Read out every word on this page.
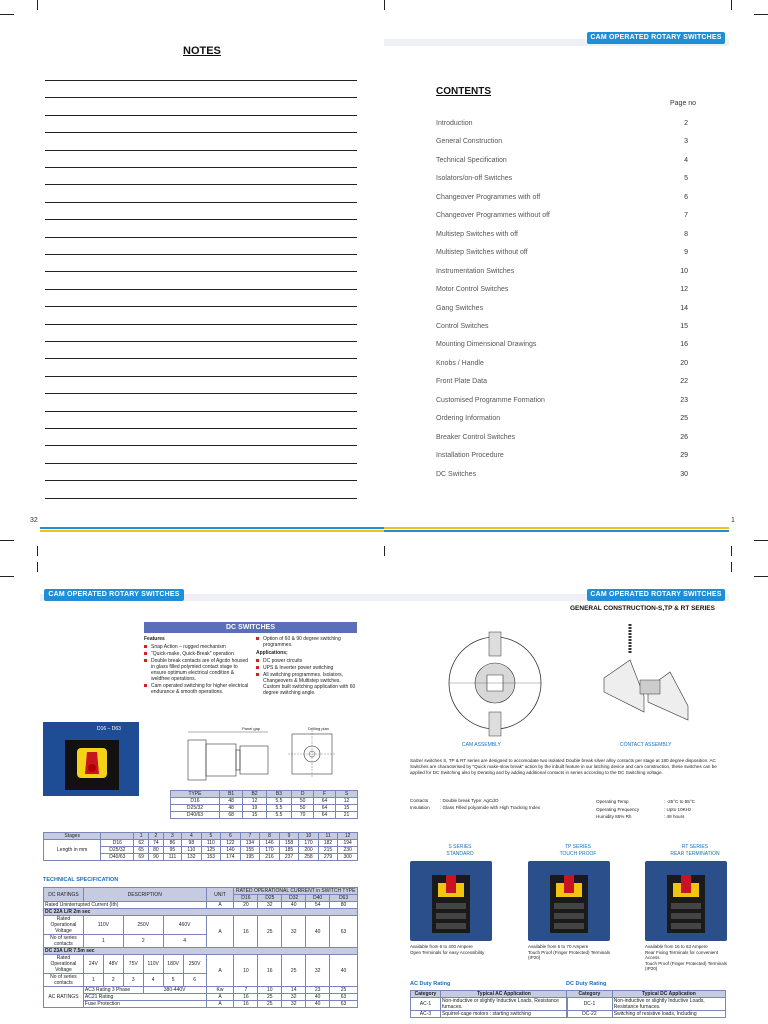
NOTES
CAM OPERATED ROTARY SWITCHES
CONTENTS
Page no
Introduction	2
General Construction	3
Technical Specification	4
Isolators/on-off Switches	5
Changeover Programmes with off	6
Changeover Programmes without off	7
Multistep Switches with off	8
Multistep Switches without off	9
Instrumentation Switches	10
Motor Control Switches	12
Gang Switches	14
Control Switches	15
Mounting Dimensional Drawings	16
Knobs / Handle	20
Front Plate Data	22
Customised Programme Formation	23
Ordering Information	25
Breaker Control Switches	26
Installation Procedure	29
DC Switches	30
32	1
CAM OPERATED ROTARY SWITCHES	CAM OPERATED ROTARY SWITCHES
DC SWITCHES
Features
Snap Action – rugged mechanism
"Quick-make, Quick-Break" operation
Double break contacts are of Agcdo housed in glass filled polymied contact stage to ensure optimum electrical condition & weldfree operations.
Cam operated switching for higher electrical endurance & smooth operations.
Option of 60 & 90 degree switching programmes.
Applications;
DC power circuits
UPS & Inverter power switching
All switching programmes. Isolators, Changeovers & Multistep switches. Custom built switching application with 60 degree switching angle.
D16 – D63	Drilling plan
Panel gap
TYPE	B1	B2	B3	D	F	S
D16	48	12	5.5	50	64	12
D25/32	48	19	5.5	50	64	15
D40/63	68	15	5.5	70	64	21
Stages		1	2	3	4	5	6	7	8	9	10	11	12
Length in mm	D16	62	74	86	98	110	122	134	146	158	170	182	194
	D25/32	65	80	95	110	125	140	155	170	185	200	215	230
	D40/63	69	90	111	132	153	174	195	216	237	258	279	300
TECHNICAL SPECIFICATION
DC RATINGS	DESCRIPTION						UNIT	RATED OPERATIONAL CURRENT in SWITCH TYPE				
								D16	D25	D32	D40	D63
Rated Uninterrupted Current (Ith)							A	20	32	40	54	80
DC 22A L/R 2m sec												
Rated Operational Voltage	110V		250V		460V		A	16	25	32	40	63
No of series contacts	1		2		4							
DC 23A L/R 7.5m sec												
Rated Operational Voltage	24V	48V	75V	110V	180V	250V	A	10	16	25	32	40
No of series contacts	1	2	3	4	5	6						
AC RATINGS	AC3 Rating 3 Phase			380-440V			Kw	7	10	14	23	25
	AC21 Rating						A	16	25	32	40	63
	Fuse Protection						A	16	25	32	40	63
GENERAL CONSTRUCTION-S,TP & RT SERIES
CAM ASSEMBLY	CONTACT ASSEMBLY
Salzer switches S, TP & RT series are designed to accomodate two isolated Double break silver alloy contacts per stage at 180 degree disposition. AC Switches are characterised by "Quick make-slow break" action by the inbuilt feature in our latching device and cam construction, these switches can be applied for DC Switching also by Derating and by adding additional contacts in series according to the DC Switching voltage.
Contacts	: Double break Type: AgCdO
Insulation : Glass Filled polyamide with High Tracking Index
Operating Temp	: -25°C to 55°C
Operating Frequency	: Upto 10KHz
Humidity 85% Rh	: 48 hours
S SERIES
STANDARD
Available from 6 to 400 Ampere
Open Terminals for easy Accessibility
TP SERIES
TOUCH PROOF
Available from 6 to 70 Ampere
Touch Proof (Finger Protected) Terminals (IP20)
RT SERIES
REAR TERMINATION
Available from 16 to 63 Ampere
Rear Fixing Terminals for convenient Access
Touch Proof (Finger Protected) Terminals (IP20)
AC Duty Rating	DC Duty Rating
Category	Typical AC Application
AC-1	Non-inductive or slightly Inductive Loads, Resistance furnaces.
AC-3	Squirrel-cage motors : starting switching
Category	Typical DC Application
DC-1	Non-inductive or slightly Inductive Loads, Resistance furnaces.
DC-22	Switching of resistive loads, Including
